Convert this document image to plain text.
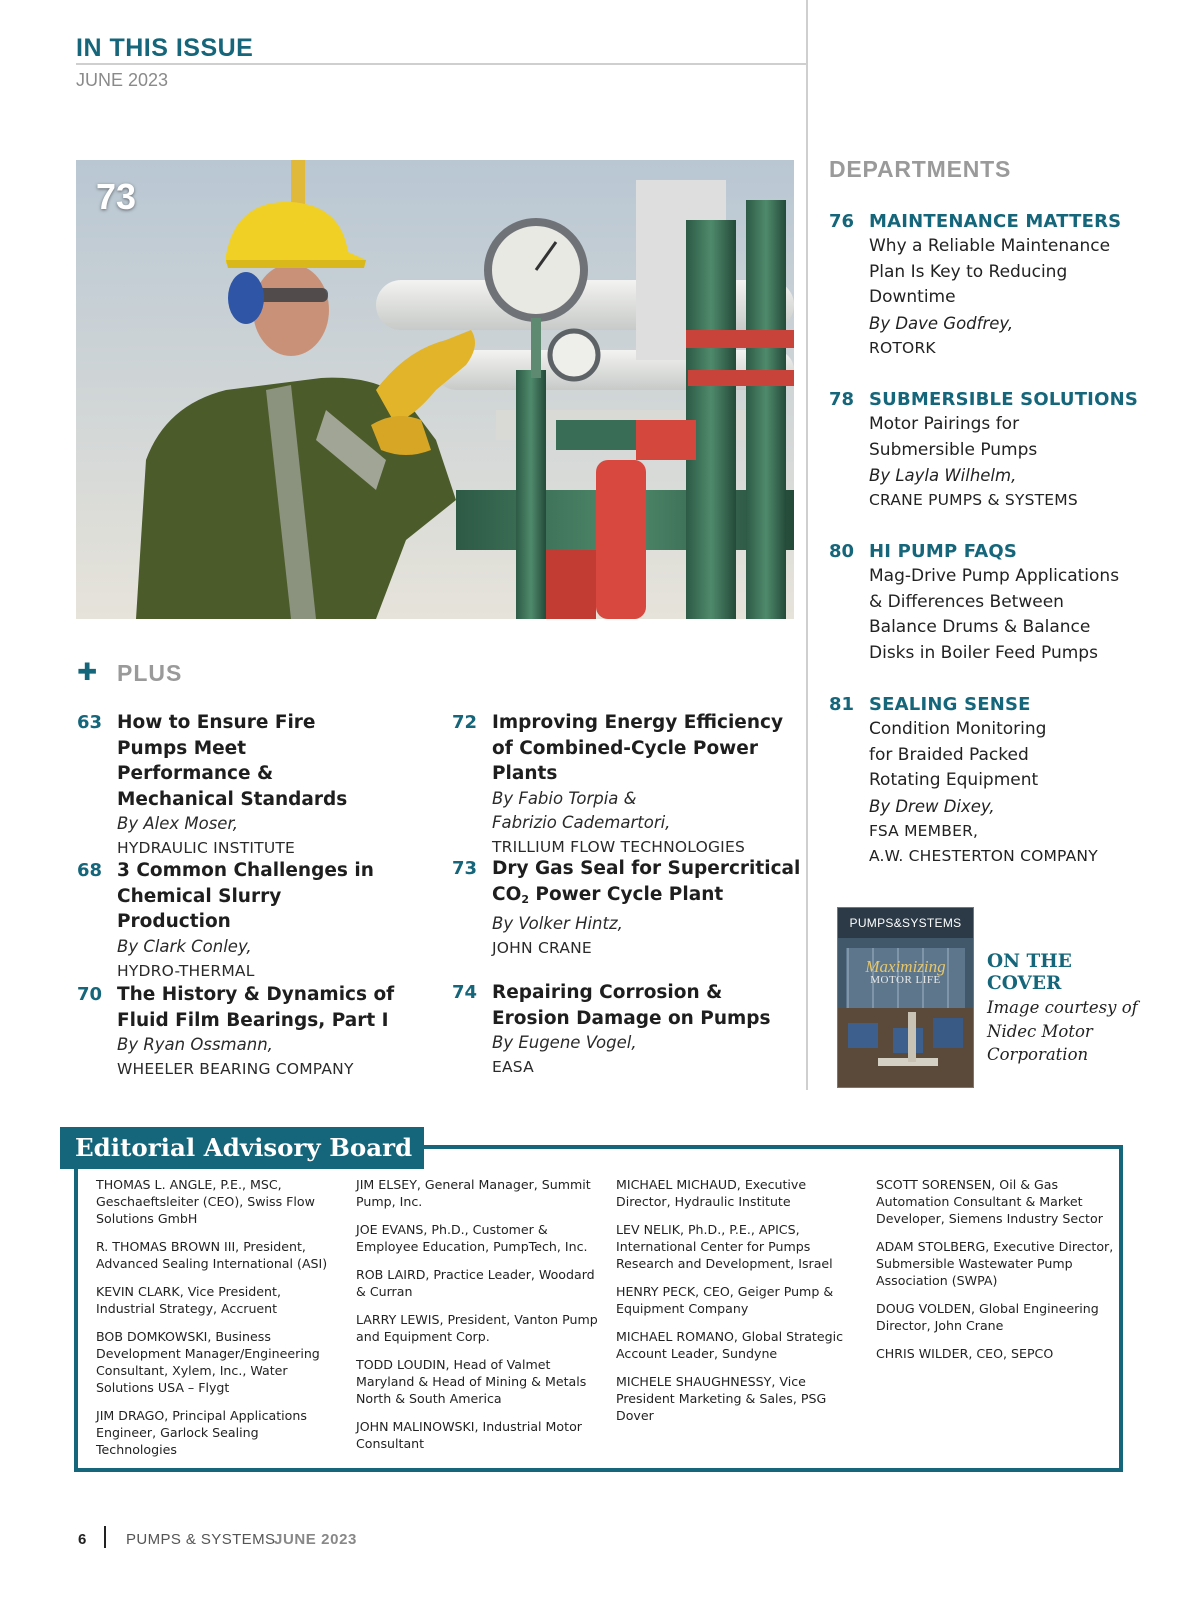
IN THIS ISSUE
JUNE 2023
73
✚ PLUS
63 How to Ensure Fire Pumps Meet Performance & Mechanical Standards
By Alex Moser,
HYDRAULIC INSTITUTE
68 3 Common Challenges in Chemical Slurry Production
By Clark Conley,
HYDRO-THERMAL
70 The History & Dynamics of Fluid Film Bearings, Part I
By Ryan Ossmann,
WHEELER BEARING COMPANY
72 Improving Energy Efficiency of Combined-Cycle Power Plants
By Fabio Torpia &
Fabrizio Cademartori,
TRILLIUM FLOW TECHNOLOGIES
73 Dry Gas Seal for Supercritical
$CO_2$ Power Cycle Plant
By Volker Hintz,
JOHN CRANE
74 Repairing Corrosion & Erosion Damage on Pumps
By Eugene Vogel,
EASA
DEPARTMENTS
76 MAINTENANCE MATTERS
Why a Reliable Maintenance Plan Is Key to Reducing Downtime
By Dave Godfrey,
ROTORK
78 SUBMERSIBLE SOLUTIONS
Motor Pairings for Submersible Pumps
By Layla Wilhelm,
CRANE PUMPS & SYSTEMS
80 HI PUMP FAQS
Mag-Drive Pump Applications & Differences Between Balance Drums & Balance Disks in Boiler Feed Pumps
81 SEALING SENSE
Condition Monitoring for Braided Packed Rotating Equipment
By Drew Dixey,
FSA MEMBER,
A.W. CHESTERTON COMPANY
PUMPS&SYSTEMS
Maximizing
MOTOR LIFE
ON THE COVER
Image courtesy of Nidec Motor Corporation
Editorial Advisory Board
THOMAS L. ANGLE, P.E., MSC, Geschaeftsleiter (CEO), Swiss Flow Solutions GmbH
R. THOMAS BROWN III, President, Advanced Sealing International (ASI)
KEVIN CLARK, Vice President, Industrial Strategy, Accruent
BOB DOMKOWSKI, Business Development Manager/Engineering Consultant, Xylem, Inc., Water Solutions USA – Flygt
JIM DRAGO, Principal Applications Engineer, Garlock Sealing Technologies
JIM ELSEY, General Manager, Summit Pump, Inc.
JOE EVANS, Ph.D., Customer & Employee Education, PumpTech, Inc.
ROB LAIRD, Practice Leader, Woodard & Curran
LARRY LEWIS, President, Vanton Pump and Equipment Corp.
TODD LOUDIN, Head of Valmet Maryland & Head of Mining & Metals North & South America
JOHN MALINOWSKI, Industrial Motor Consultant
MICHAEL MICHAUD, Executive Director, Hydraulic Institute
LEV NELIK, Ph.D., P.E., APICS, International Center for Pumps Research and Development, Israel
HENRY PECK, CEO, Geiger Pump & Equipment Company
MICHAEL ROMANO, Global Strategic Account Leader, Sundyne
MICHELE SHAUGHNESSY, Vice President Marketing & Sales, PSG Dover
SCOTT SORENSEN, Oil & Gas Automation Consultant & Market Developer, Siemens Industry Sector
ADAM STOLBERG, Executive Director, Submersible Wastewater Pump Association (SWPA)
DOUG VOLDEN, Global Engineering Director, John Crane
CHRIS WILDER, CEO, SEPCO
6	PUMPS & SYSTEMS
JUNE 2023
